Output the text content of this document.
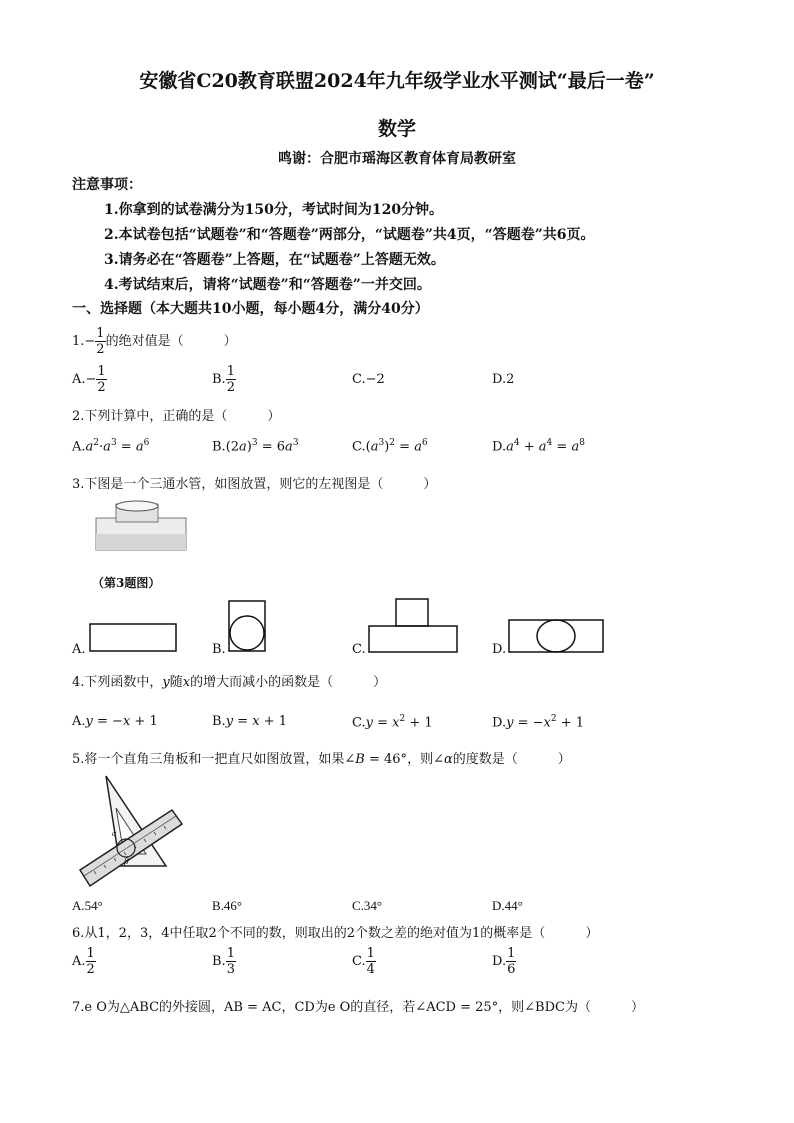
安徽省C20教育联盟2024年九年级学业水平测试“最后一卷”
数学
鸣谢：合肥市瑶海区教育体育局教研室
注意事项：
1.你拿到的试卷满分为150分，考试时间为120分钟。
2.本试卷包括“试题卷”和“答题卷”两部分，“试题卷”共4页，“答题卷”共6页。
3.请务必在“答题卷”上答题，在“试题卷”上答题无效。
4.考试结束后，请将“试题卷”和“答题卷”一并交回。
一、选择题（本大题共10小题，每小题4分，满分40分）
$1.- \frac{1}{2}$ 的绝对值是（	）
$A.- \frac{1}{2}$	B. $\frac{1}{2}$	C.−2	D.2
2.下列计算中，正确的是（	）
$A.a^2\cdot a^3 = a^6$	$B.(2a)^3 = 6a^3$	$C.(a^3)^2 = a^6$	$D.a^4 + a^4 = a^8$
3.下图是一个三通水管，如图放置，则它的左视图是（	）
（第3题图）
A.	B.	C.	D.
4.下列函数中，y随x的增大而减小的函数是（	）
A.y = −x + 1	B.y = x + 1	$C.y = x^2 + 1$	$D.y = -x^2 + 1$
5.将一个直角三角板和一把直尺如图放置，如果∠B = 46°，则∠α的度数是（	）
β
α
A.54°	B.46°	C.34°	D.44°
6.从1，2，3，4中任取2个不同的数，则取出的2个数之差的绝对值为1的概率是（	）
A. $\frac{1}{2}$	B. $\frac{1}{3}$	C. $\frac{1}{4}$	D. $\frac{1}{6}$
7.e O为△ABC的外接圆，AB = AC，CD为e O的直径，若∠ACD = 25°，则∠BDC为（	）
